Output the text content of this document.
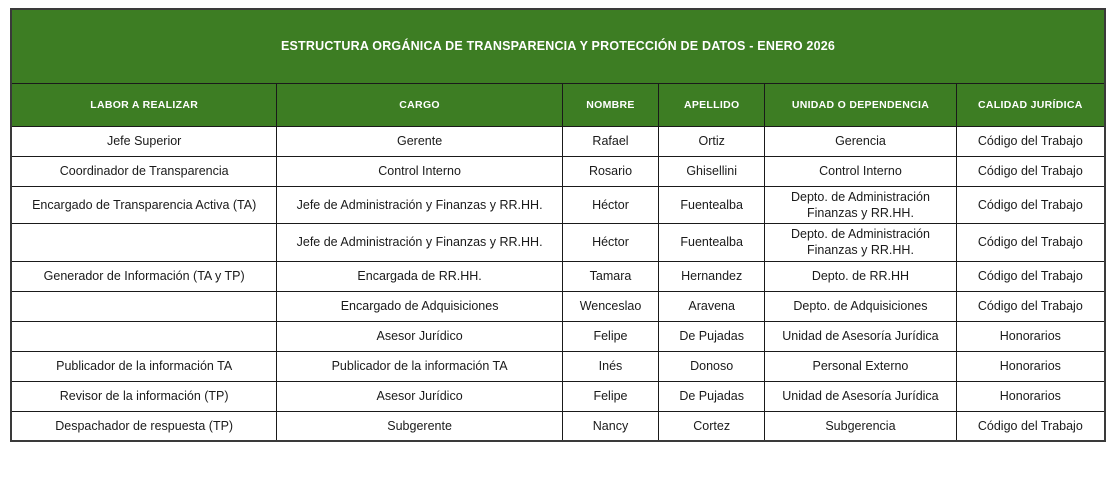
ESTRUCTURA ORGÁNICA DE TRANSPARENCIA Y PROTECCIÓN DE DATOS - ENERO 2026					
LABOR A REALIZAR	CARGO	NOMBRE	APELLIDO	UNIDAD O DEPENDENCIA	CALIDAD JURÍDICA
Jefe Superior	Gerente	Rafael	Ortiz	Gerencia	Código del Trabajo
Coordinador de Transparencia	Control Interno	Rosario	Ghisellini	Control Interno	Código del Trabajo
Encargado de Transparencia Activa (TA)	Jefe de Administración y Finanzas y RR.HH.	Héctor	Fuentealba	Depto. de Administración Finanzas y RR.HH.	Código del Trabajo
	Jefe de Administración y Finanzas y RR.HH.	Héctor	Fuentealba	Depto. de Administración Finanzas y RR.HH.	Código del Trabajo
Generador de Información (TA y TP)	Encargada de RR.HH.	Tamara	Hernandez	Depto. de RR.HH	Código del Trabajo
	Encargado de Adquisiciones	Wenceslao	Aravena	Depto. de Adquisiciones	Código del Trabajo
	Asesor Jurídico	Felipe	De Pujadas	Unidad de Asesoría Jurídica	Honorarios
Publicador de la información TA	Publicador de la información TA	Inés	Donoso	Personal Externo	Honorarios
Revisor de la información (TP)	Asesor Jurídico	Felipe	De Pujadas	Unidad de Asesoría Jurídica	Honorarios
Despachador de respuesta (TP)	Subgerente	Nancy	Cortez	Subgerencia	Código del Trabajo
